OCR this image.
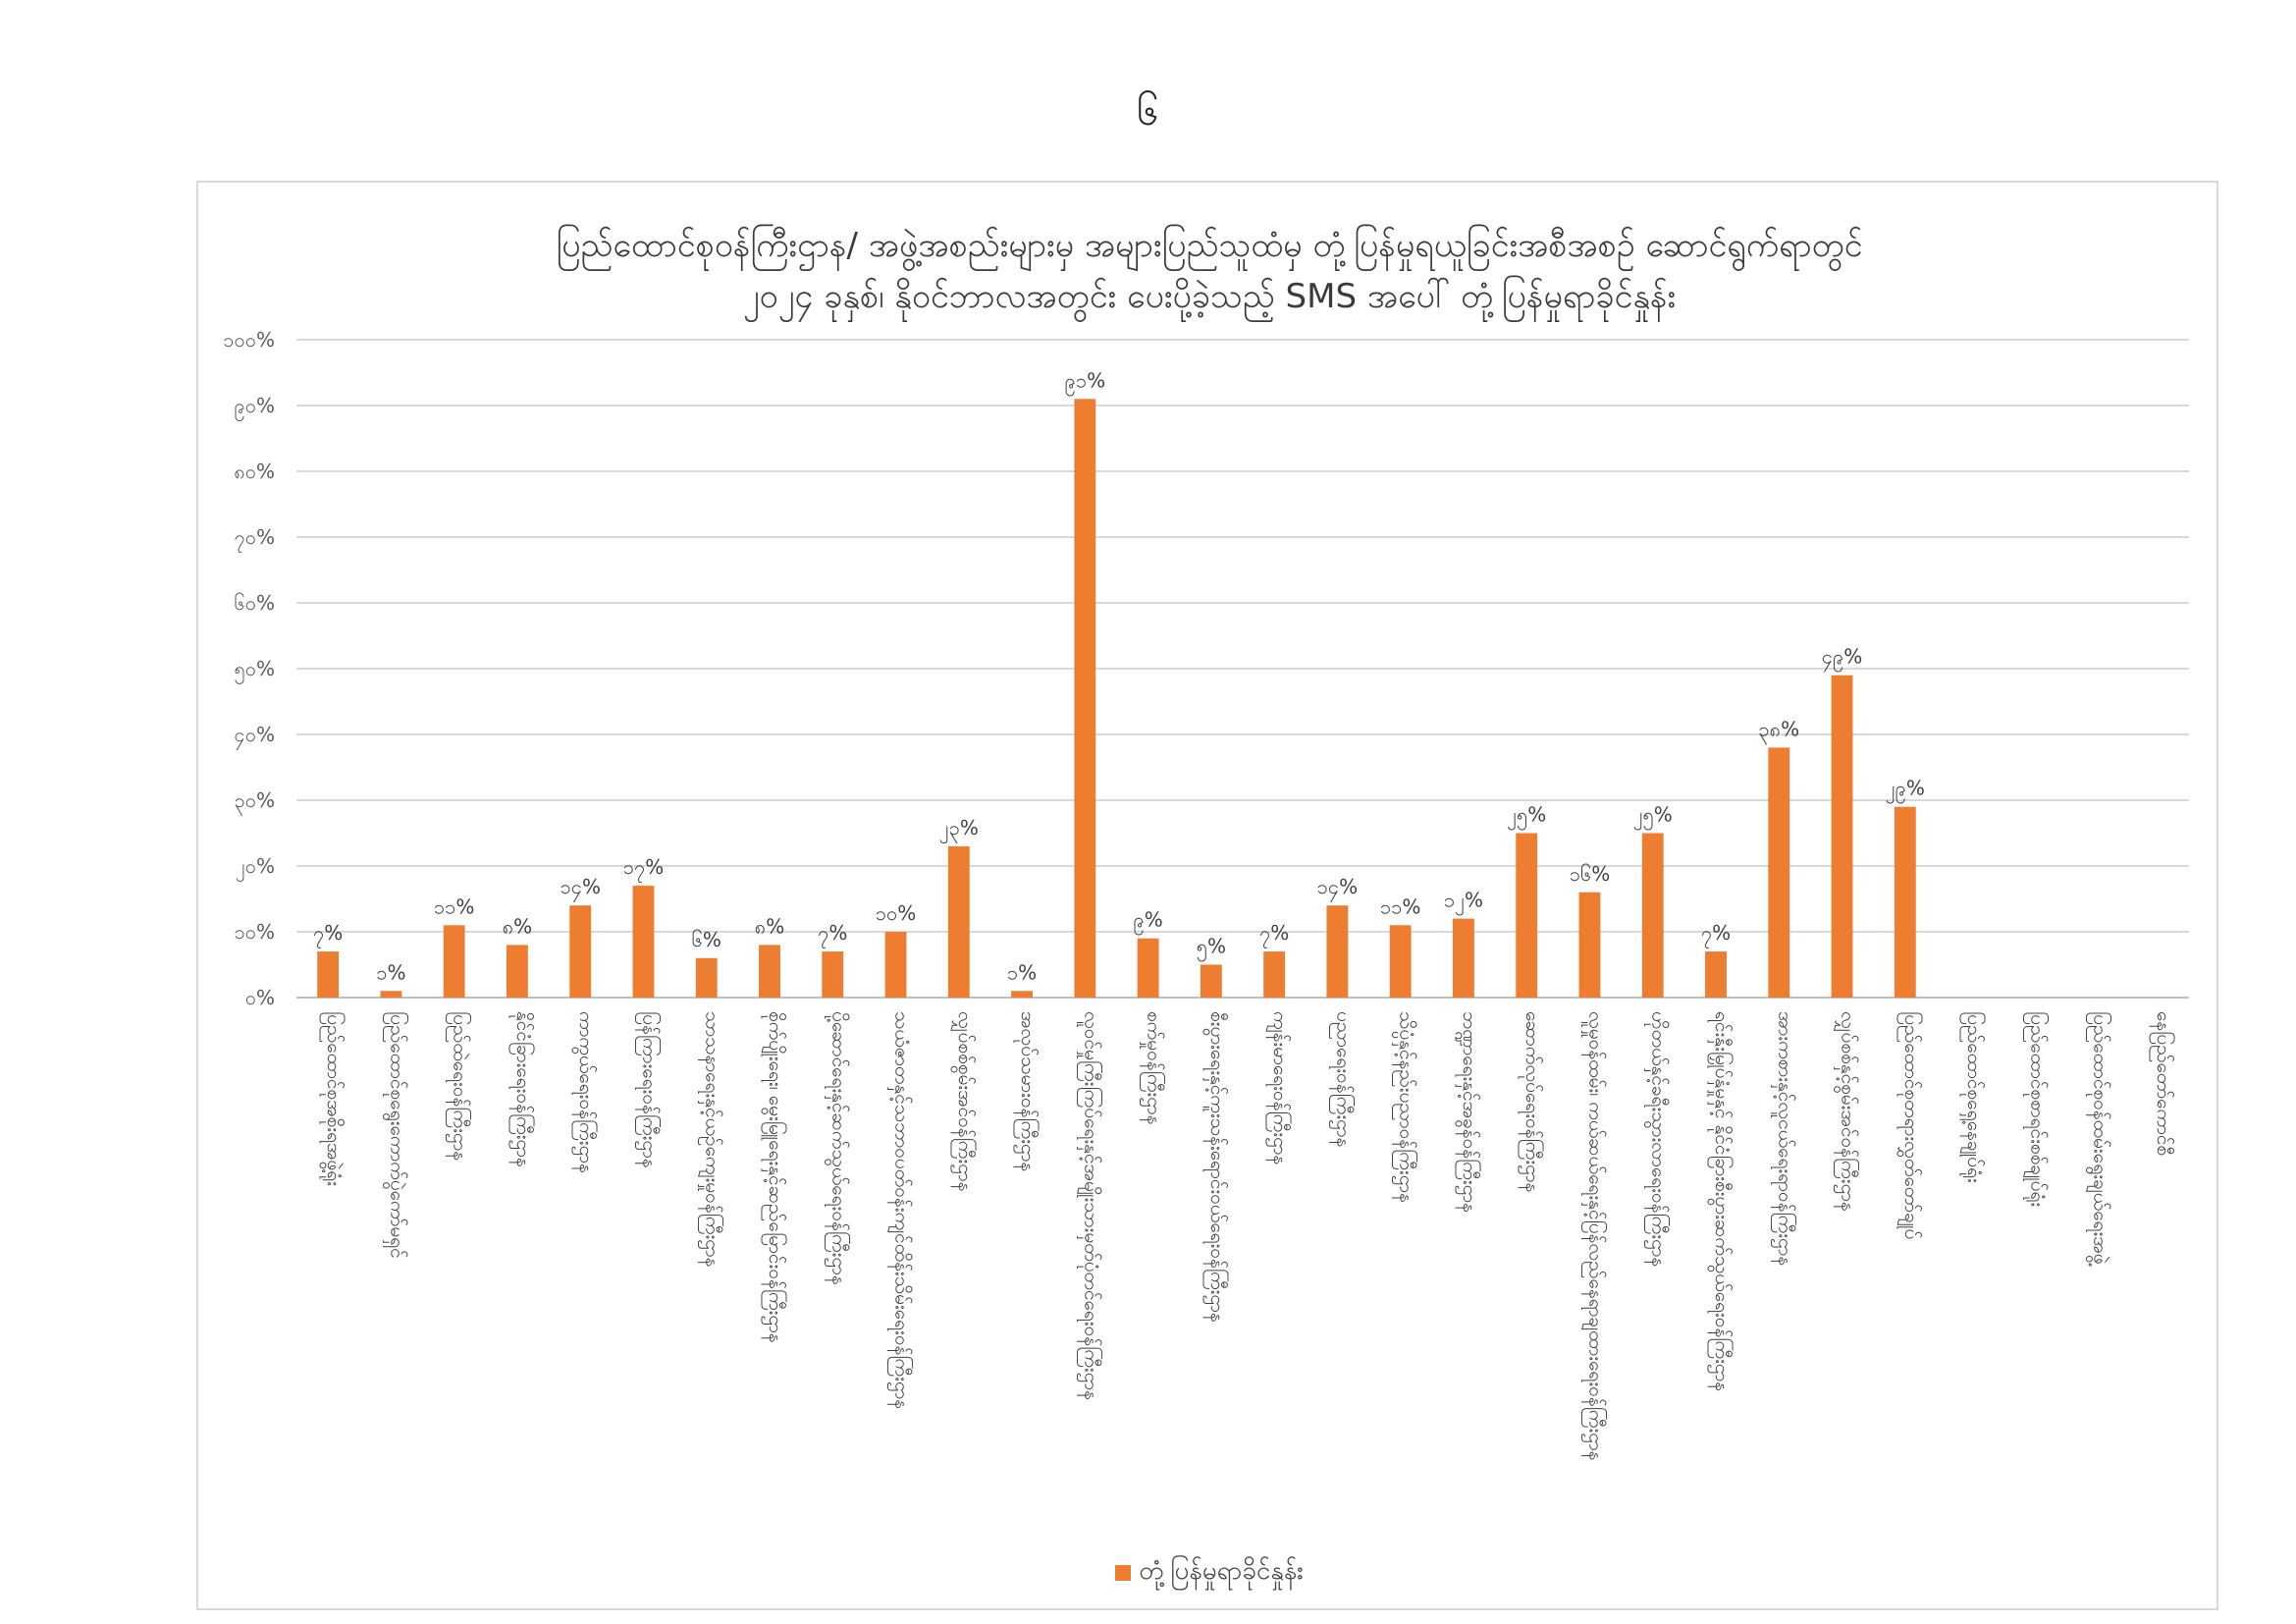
၆
ပြည်ထောင်စုဝန်ကြီးဌာန/ အဖွဲ့အစည်းများမှ အများပြည်သူထံမှ တုံ့ပြန်မှုရယူခြင်းအစီအစဉ် ဆောင်ရွက်ရာတွင်
၂၀၂၄ ခုနှစ်၊ နိုဝင်ဘာလအတွင်း ပေးပို့ခဲ့သည့် SMS အပေါ် တုံ့ပြန်မှုရာခိုင်နှုန်း
၀%
၁၀%
၂၀%
၃၀%
၄၀%
၅၀%
၆၀%
၇၀%
၈၀%
၉၀%
၁၀၀%
၇%
ပြည်ထောင်စုအစိုးရအဖွဲ့ရုံး
၁%
ပြည်ထောင်စုရွေးကောက်ပွဲကော်မရှင်
၁၁%
ပြည်ထဲရေးဝန်ကြီးဌာန
၈%
နိုင်ငံခြားရေးဝန်ကြီးဌာန
၁၄%
ကာကွယ်ရေးဝန်ကြီးဌာန
၁၇%
ပြန်ကြားရေးဝန်ကြီးဌာန
၆%
သာသနာရေးနှင့်ယဉ်ကျေးမှုဝန်ကြီးဌာန
၈%
စိုက်ပျိုးရေး၊ မွေးမြူရေးနှင့်ဆည်မြောင်းဝန်ကြီးဌာန
၇%
ပို့ဆောင်ရေးနှင့်ဆက်သွယ်ရေးဝန်ကြီးဌာန
၁၀%
သယံဇာတနှင့်သဘာဝပတ်ဝန်းကျင်ထိန်းသိမ်းရေးဝန်ကြီးဌာန
၂၃%
လျှပ်စစ်စွမ်းအင်ဝန်ကြီးဌာန
၁%
အလုပ်သမားဝန်ကြီးဌာန
၉၁%
လူဝင်မှုကြီးကြပ်ရေးနှင့်အမျိုးသားမှတ်ပုံတင်ရေးဝန်ကြီးဌာန
၉%
စက်မှုဝန်ကြီးဌာန
၅%
စီးပွားရေးနှင့်ကူးသန်းရောင်းဝယ်ရေးဝန်ကြီးဌာန
၇%
ကျန်းမာရေးဝန်ကြီးဌာန
၁၄%
ပညာရေးဝန်ကြီးဌာန
၁၁%
သိပ္ပံနှင့်နည်းပညာဝန်ကြီးဌာန
၁၂%
ဘဏ္ဍာရေးနှင့်အခွန်ဝန်ကြီးဌာန
၂၅%
ဆောက်လုပ်ရေးဝန်ကြီးဌာန
၁၆%
လူမှုဝန်ထမ်း၊ ကယ်ဆယ်ရေးနှင့်ပြန်လည်နေရာချထားရေးဝန်ကြီးဌာန
၂၅%
ဟိုတယ်နှင့်ခရီးသွားလာရေးဝန်ကြီးဌာန
၇%
ရင်းနှီးမြှုပ်နှံမှုနှင့် နိုင်ငံခြားစီးပွားဆက်သွယ်ရေးဝန်ကြီးဌာန
၃၈%
အားကစားနှင့်လူငယ်ရေးရာဝန်ကြီးဌာန
၄၉%
လျှပ်စစ်နှင့်စွမ်းအင်ဝန်ကြီးဌာန
၂၉%
ပြည်ထောင်စုတရားလွှတ်တော်ချုပ် ပြည်ထောင်စုရှေ့နေချုပ်ရုံး ပြည်ထောင်စုစာရင်းစစ်ချုပ်ရုံး ပြည်ထောင်စုဝန်ထမ်းရွေးချယ်ရေးအဖွဲ့ နေပြည်တော်ကောင်စီ
တုံ့ပြန်မှုရာခိုင်နှုန်း
